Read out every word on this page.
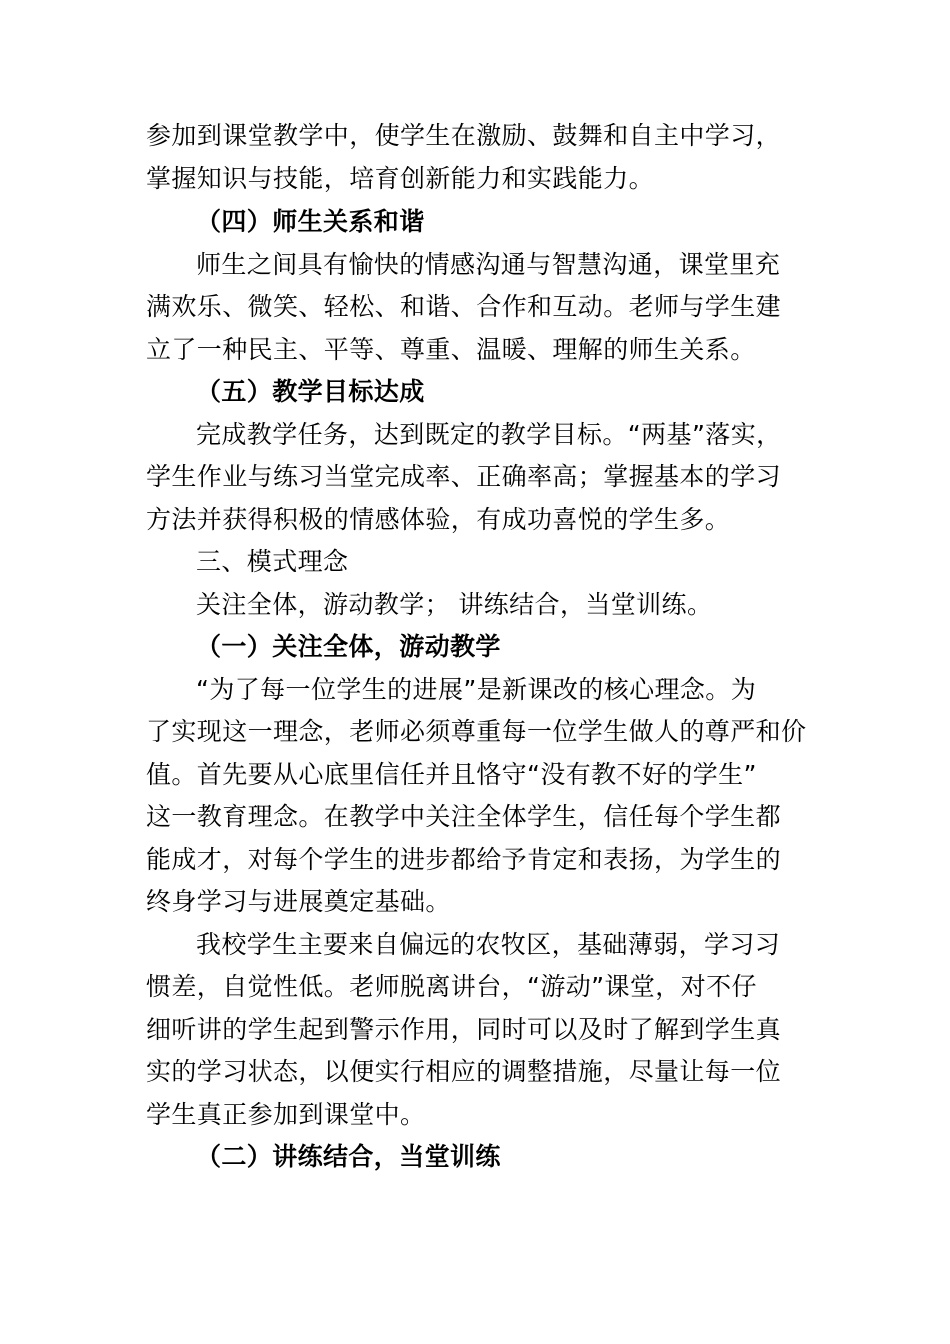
参加到课堂教学中，使学生在激励、鼓舞和自主中学习，
掌握知识与技能，培育创新能力和实践能力。
（四）师生关系和谐
师生之间具有愉快的情感沟通与智慧沟通，课堂里充
满欢乐、微笑、轻松、和谐、合作和互动。老师与学生建
立了一种民主、平等、尊重、温暖、理解的师生关系。
（五）教学目标达成
完成教学任务，达到既定的教学目标。“两基”落实，
学生作业与练习当堂完成率、正确率高；掌握基本的学习
方法并获得积极的情感体验，有成功喜悦的学生多。
三、模式理念
关注全体，游动教学； 讲练结合，当堂训练。
（一）关注全体，游动教学
“为了每一位学生的进展”是新课改的核心理念。为
了实现这一理念，老师必须尊重每一位学生做人的尊严和价
值。首先要从心底里信任并且恪守“没有教不好的学生”
这一教育理念。在教学中关注全体学生，信任每个学生都
能成才，对每个学生的进步都给予肯定和表扬，为学生的
终身学习与进展奠定基础。
我校学生主要来自偏远的农牧区，基础薄弱，学习习
惯差，自觉性低。老师脱离讲台，“游动”课堂，对不仔
细听讲的学生起到警示作用，同时可以及时了解到学生真
实的学习状态，以便实行相应的调整措施，尽量让每一位
学生真正参加到课堂中。
（二）讲练结合，当堂训练
